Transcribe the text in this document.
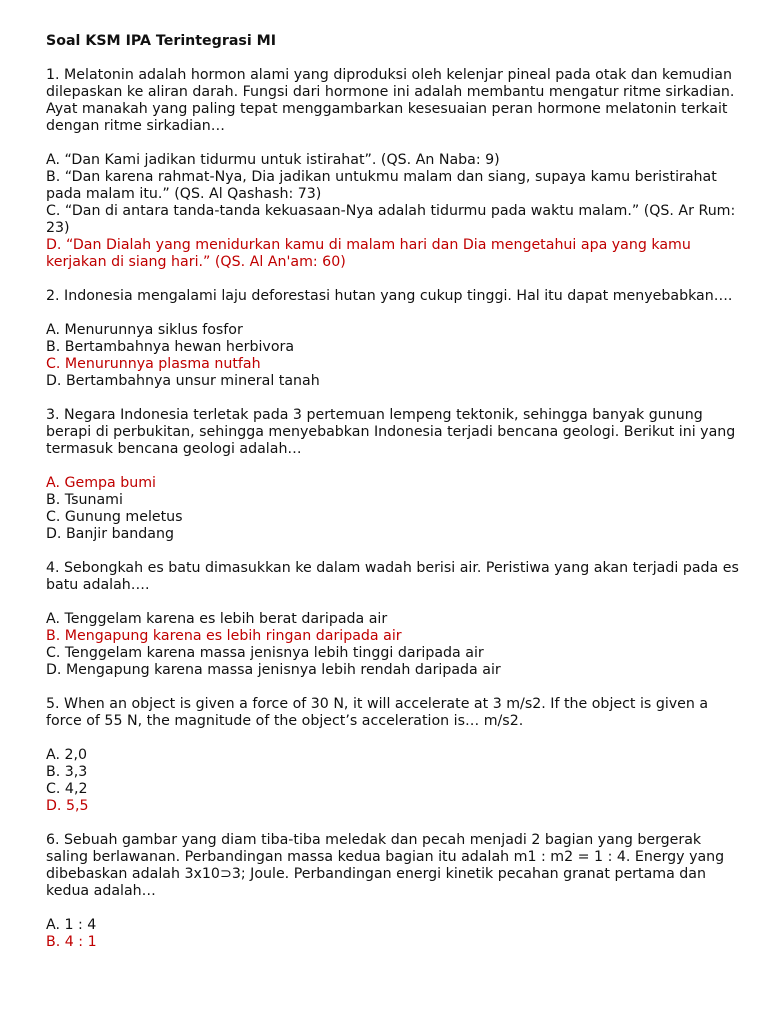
Soal KSM IPA Terintegrasi MI

1. Melatonin adalah hormon alami yang diproduksi oleh kelenjar pineal pada otak dan kemudian dilepaskan ke aliran darah. Fungsi dari hormone ini adalah membantu mengatur ritme sirkadian. Ayat manakah yang paling tepat menggambarkan kesesuaian peran hormone melatonin terkait dengan ritme sirkadian…

A. “Dan Kami jadikan tidurmu untuk istirahat”. (QS. An Naba: 9)
B. “Dan karena rahmat-Nya, Dia jadikan untukmu malam dan siang, supaya kamu beristirahat pada malam itu.” (QS. Al Qashash: 73)
C. “Dan di antara tanda-tanda kekuasaan-Nya adalah tidurmu pada waktu malam.” (QS. Ar Rum: 23)
D. “Dan Dialah yang menidurkan kamu di malam hari dan Dia mengetahui apa yang kamu kerjakan di siang hari.” (QS. Al An'am: 60)

2. Indonesia mengalami laju deforestasi hutan yang cukup tinggi. Hal itu dapat menyebabkan….

A. Menurunnya siklus fosfor
B. Bertambahnya hewan herbivora
C. Menurunnya plasma nutfah
D. Bertambahnya unsur mineral tanah

3. Negara Indonesia terletak pada 3 pertemuan lempeng tektonik, sehingga banyak gunung berapi di perbukitan, sehingga menyebabkan Indonesia terjadi bencana geologi. Berikut ini yang termasuk bencana geologi adalah…

A. Gempa bumi
B. Tsunami
C. Gunung meletus
D. Banjir bandang

4. Sebongkah es batu dimasukkan ke dalam wadah berisi air. Peristiwa yang akan terjadi pada es batu adalah….

A. Tenggelam karena es lebih berat daripada air
B. Mengapung karena es lebih ringan daripada air
C. Tenggelam karena massa jenisnya lebih tinggi daripada air
D. Mengapung karena massa jenisnya lebih rendah daripada air

5. When an object is given a force of 30 N, it will accelerate at 3 m/s2. If the object is given a force of 55 N, the magnitude of the object’s acceleration is… m/s2.

A. 2,0
B. 3,3
C. 4,2
D. 5,5

6. Sebuah gambar yang diam tiba-tiba meledak dan pecah menjadi 2 bagian yang bergerak saling berlawanan. Perbandingan massa kedua bagian itu adalah m1 : m2 = 1 : 4. Energy yang dibebaskan adalah 3x10⊃3; Joule. Perbandingan energi kinetik pecahan granat pertama dan kedua adalah…

A. 1 : 4
B. 4 : 1
